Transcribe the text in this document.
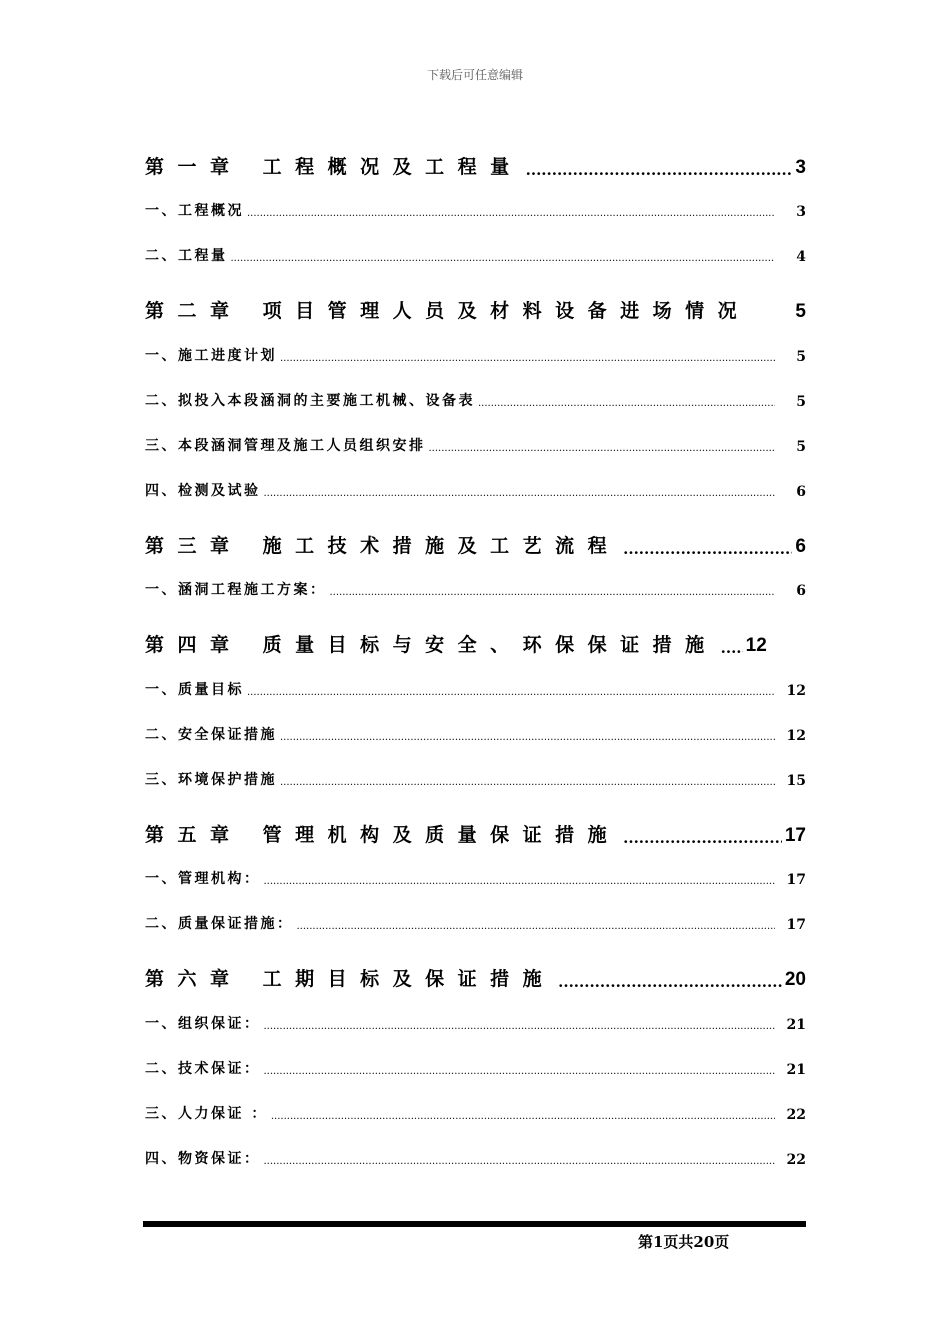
下载后可任意编辑
第一章 工程概况及工程量 .....	3
一、工程概况 .....	3
二、工程量 .....	4
第二章 项目管理人员及材料设备进场情况 5
一、施工进度计划 .....	5
二、拟投入本段涵洞的主要施工机械、设备表 .....	5
三、本段涵洞管理及施工人员组织安排 .....	5
四、检测及试验 .....	6
第三章 施工技术措施及工艺流程 .....	6
一、涵洞工程施工方案： .....	6
第四章 质量目标与安全、环保保证措施 ..... 12
一、质量目标 .....	12
二、安全保证措施 .....	12
三、环境保护措施 .....	15
第五章 管理机构及质量保证措施 .....	17
一、管理机构： .....	17
二、质量保证措施： .....	17
第六章 工期目标及保证措施 .....	20
一、组织保证： .....	21
二、技术保证： .....	21
三、人力保证 ： .....	22
四、物资保证： .....	22
第1页共20页
